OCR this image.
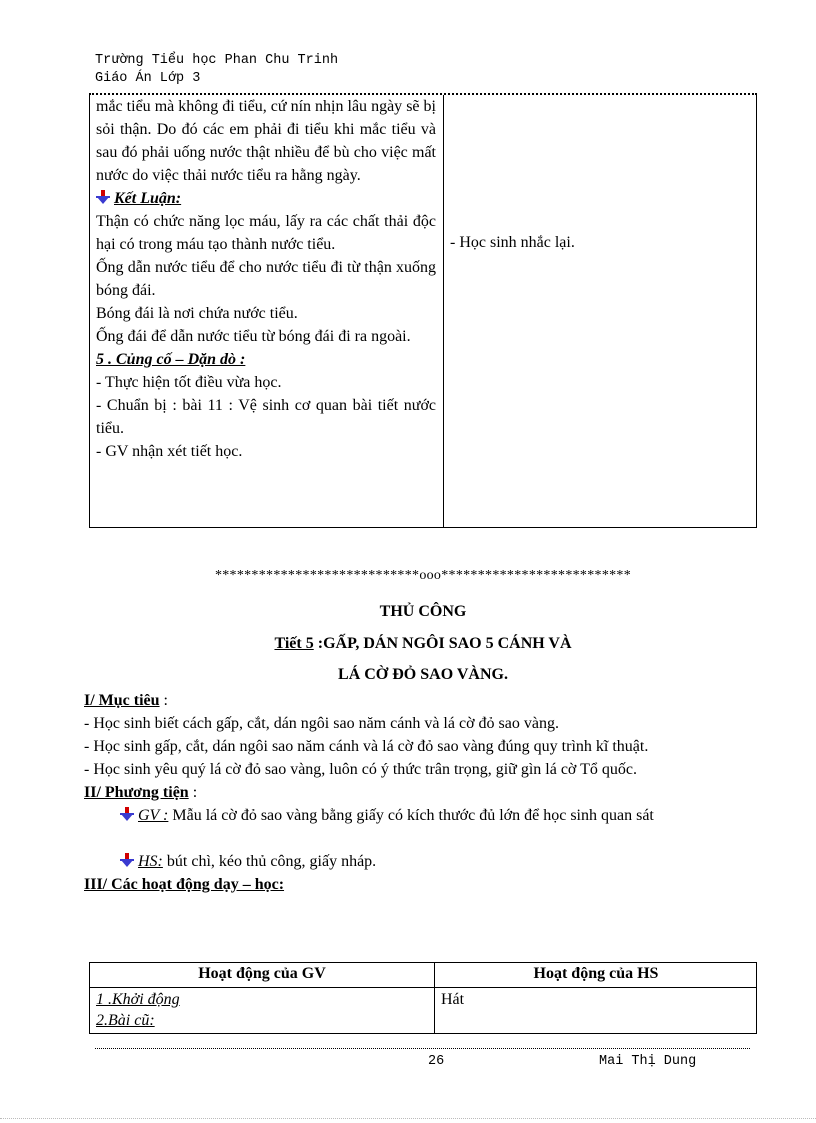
Trường Tiểu học Phan Chu Trinh
Giáo Án Lớp 3

mắc tiểu mà không đi tiểu, cứ nín nhịn lâu ngày sẽ bị sỏi thận. Do đó các em phải đi tiểu khi mắc tiểu và sau đó phải uống nước thật nhiều để bù cho việc mất nước do việc thải nước tiểu ra hằng ngày.

Kết Luận:

Thận có chức năng lọc máu, lấy ra các chất thải độc hại có trong máu tạo thành nước tiểu.

Ống dẫn nước tiểu để cho nước tiểu đi từ thận xuống bóng đái.

Bóng đái là nơi chứa nước tiểu.

Ống đái để dẫn nước tiểu từ bóng đái đi ra ngoài.

5 . Củng cố – Dặn dò :

- Thực hiện tốt điều vừa học.

- Chuẩn bị : bài 11 : Vệ sinh cơ quan bài tiết nước tiểu.

- GV nhận xét tiết học.

- Học sinh nhắc lại.

****************************ooo**************************
THỦ CÔNG
Tiết 5 :GẤP, DÁN NGÔI SAO 5 CÁNH VÀ
LÁ CỜ ĐỎ SAO VÀNG.

I/ Mục tiêu :

- Học sinh biết cách gấp, cắt, dán ngôi sao năm cánh và lá cờ đỏ sao vàng.

- Học sinh gấp, cắt, dán ngôi sao năm cánh và lá cờ đỏ sao vàng đúng quy trình kĩ thuật.

- Học sinh yêu quý lá cờ đỏ sao vàng, luôn có ý thức trân trọng, giữ gìn lá cờ Tổ quốc.

II/ Phương tiện :

GV : Mẫu lá cờ đỏ sao vàng bằng giấy có kích thước đủ lớn để học sinh quan sát

HS: bút chì, kéo thủ công, giấy nháp.

III/ Các hoạt động dạy – học:

Hoạt động của GV	Hoạt động của HS
1 .Khởi động
2.Bài cũ:
Hát
26	Mai Thị Dung
